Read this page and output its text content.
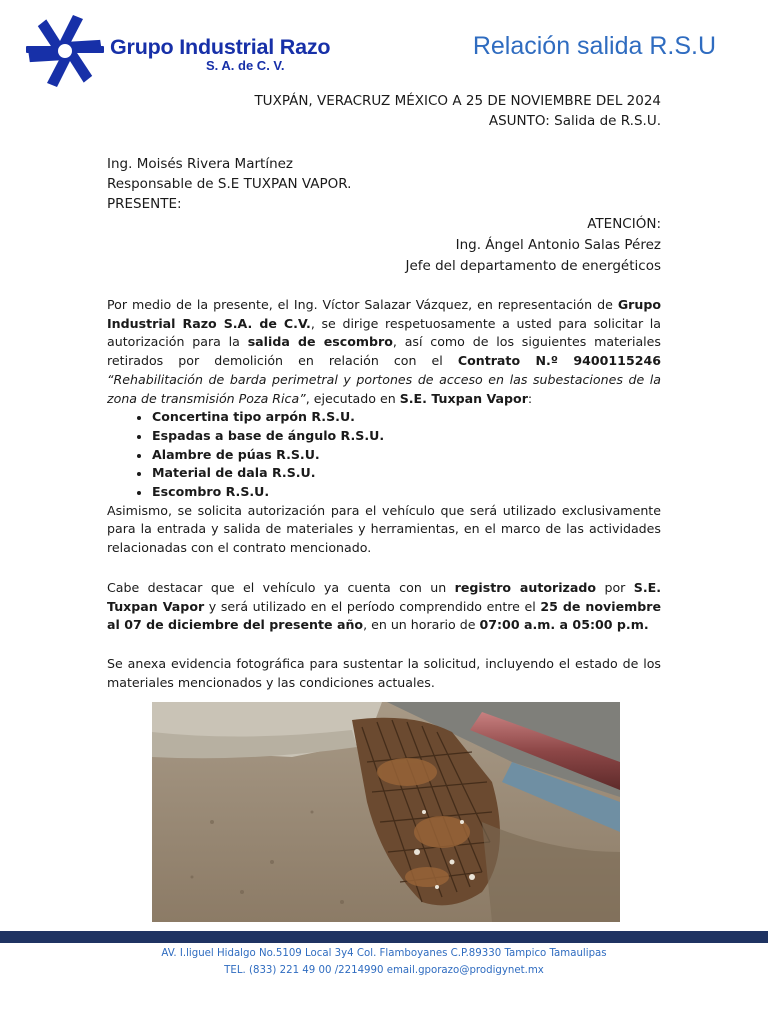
Grupo Industrial Razo
S. A. de C. V.
Relación salida R.S.U
TUXPÁN, VERACRUZ MÉXICO A 25 DE NOVIEMBRE DEL 2024
ASUNTO: Salida de R.S.U.
Ing. Moisés Rivera Martínez
Responsable de S.E TUXPAN VAPOR.
PRESENTE:
ATENCIÓN:
Ing. Ángel Antonio Salas Pérez
Jefe del departamento de energéticos

Por medio de la presente, el Ing. Víctor Salazar Vázquez, en representación de Grupo Industrial Razo S.A. de C.V., se dirige respetuosamente a usted para solicitar la autorización para la salida de escombro, así como de los siguientes materiales retirados por demolición en relación con el Contrato N.º 9400115246 “Rehabilitación de barda perimetral y portones de acceso en las subestaciones de la zona de transmisión Poza Rica”, ejecutado en S.E. Tuxpan Vapor:

• Concertina tipo arpón R.S.U.
• Espadas a base de ángulo R.S.U.
• Alambre de púas R.S.U.
• Material de dala R.S.U.
• Escombro R.S.U.

Asimismo, se solicita autorización para el vehículo que será utilizado exclusivamente para la entrada y salida de materiales y herramientas, en el marco de las actividades relacionadas con el contrato mencionado.

Cabe destacar que el vehículo ya cuenta con un registro autorizado por S.E. Tuxpan Vapor y será utilizado en el período comprendido entre el 25 de noviembre al 07 de diciembre del presente año, en un horario de 07:00 a.m. a 05:00 p.m.

Se anexa evidencia fotográfica para sustentar la solicitud, incluyendo el estado de los materiales mencionados y las condiciones actuales.

AV. I.liguel Hidalgo No.5109 Local 3y4 Col. Flamboyanes C.P.89330 Tampico Tamaulipas
TEL. (833) 221 49 00 /2214990 email.gporazo@prodigynet.mx
